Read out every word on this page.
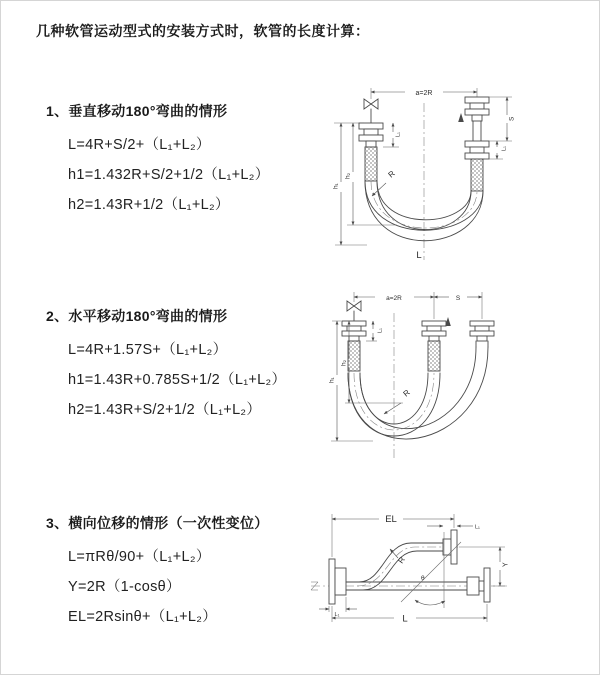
几种软管运动型式的安装方式时，软管的长度计算：
1、垂直移动180°弯曲的情形
L=4R+S/2+（L₁+L₂）
h1=1.432R+S/2+1/2（L₁+L₂）
h2=1.43R+1/2（L₁+L₂）
a=2R
h₁
h₂
L₁
S
L₁
R
L
2、水平移动180°弯曲的情形
L=4R+1.57S+（L₁+L₂）
h1=1.43R+0.785S+1/2（L₁+L₂）
h2=1.43R+S/2+1/2（L₁+L₂）
a=2R	S
h₁
h₂
L₁
R
3、横向位移的情形（一次性变位）
L=πRθ/90+（L₁+L₂）
Y=2R（1-cosθ）
EL=2Rsinθ+（L₁+L₂）
EL
L₁
Y
R
θ
L
L₁
